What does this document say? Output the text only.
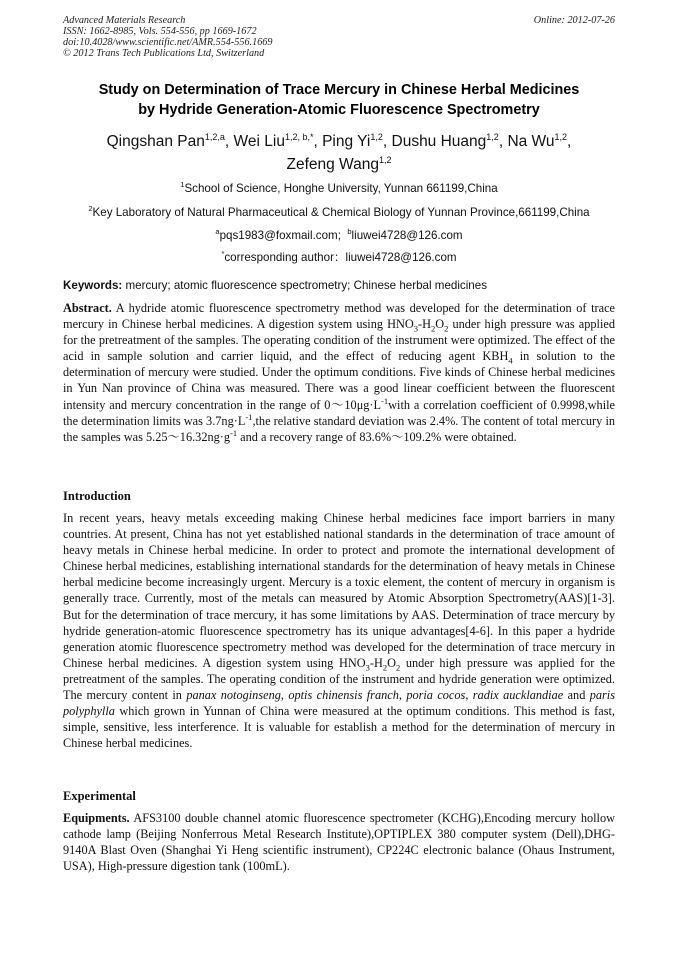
Advanced Materials Research
ISSN: 1662-8985, Vols. 554-556, pp 1669-1672
doi:10.4028/www.scientific.net/AMR.554-556.1669
© 2012 Trans Tech Publications Ltd, Switzerland
Online: 2012-07-26
Study on Determination of Trace Mercury in Chinese Herbal Medicines
by Hydride Generation-Atomic Fluorescence Spectrometry
Qingshan Pan$^{1,2,a}$, Wei Liu$^{1,2, b,*}$, Ping Yi$^{1,2}$, Dushu Huang$^{1,2}$, Na Wu$^{1,2}$,
Zefeng Wang$^{1,2}$
$^1$School of Science, Honghe University, Yunnan 661199,China
$^2$Key Laboratory of Natural Pharmaceutical & Chemical Biology of Yunnan Province,661199,China
$^a$pqs1983@foxmail.com; $^b$liuwei4728@126.com
*corresponding author：liuwei4728@126.com
Keywords: mercury; atomic fluorescence spectrometry; Chinese herbal medicines
Abstract. A hydride atomic fluorescence spectrometry method was developed for the determination of trace mercury in Chinese herbal medicines. A digestion system using $HNO_3-H_2O_2$ under high pressure was applied for the pretreatment of the samples. The operating condition of the instrument were optimized. The effect of the acid in sample solution and carrier liquid, and the effect of reducing agent $KBH_4$ in solution to the determination of mercury were studied. Under the optimum conditions. Five kinds of Chinese herbal medicines in Yun Nan province of China was measured. There was a good linear coefficient between the fluorescent intensity and mercury concentration in the range of $0\sim 10\mu g\cdot L^{-1}with$ a correlation coefficient of 0.9998,while the determination limits was $3.7ng\cdot L^{-1},the$ relative standard deviation was 2.4%. The content of total mercury in the samples was $5.25\sim 16.32ng\cdot g^{-1}$ and a recovery range of 83.6%～109.2% were obtained.
Introduction
In recent years, heavy metals exceeding making Chinese herbal medicines face import barriers in many countries. At present, China has not yet established national standards in the determination of trace amount of heavy metals in Chinese herbal medicine. In order to protect and promote the international development of Chinese herbal medicines, establishing international standards for the determination of heavy metals in Chinese herbal medicine become increasingly urgent. Mercury is a toxic element, the content of mercury in organism is generally trace. Currently, most of the metals can measured by Atomic Absorption Spectrometry(AAS)[1-3]. But for the determination of trace mercury, it has some limitations by AAS. Determination of trace mercury by hydride generation-atomic fluorescence spectrometry has its unique advantages[4-6]. In this paper a hydride generation atomic fluorescence spectrometry method was developed for the determination of trace mercury in Chinese herbal medicines. A digestion system using $HNO_3-H_2O_2$ under high pressure was applied for the pretreatment of the samples. The operating condition of the instrument and hydride generation were optimized. The mercury content in panax notoginseng, optis chinensis franch, poria cocos, radix aucklandiae and paris polyphylla which grown in Yunnan of China were measured at the optimum conditions. This method is fast, simple, sensitive, less interference. It is valuable for establish a method for the determination of mercury in Chinese herbal medicines.
Experimental
Equipments. AFS3100 double channel atomic fluorescence spectrometer (KCHG),Encoding mercury hollow cathode lamp (Beijing Nonferrous Metal Research Institute),OPTIPLEX 380 computer system (Dell),DHG-9140A Blast Oven (Shanghai Yi Heng scientific instrument), CP224C electronic balance (Ohaus Instrument, USA), High-pressure digestion tank (100mL).
